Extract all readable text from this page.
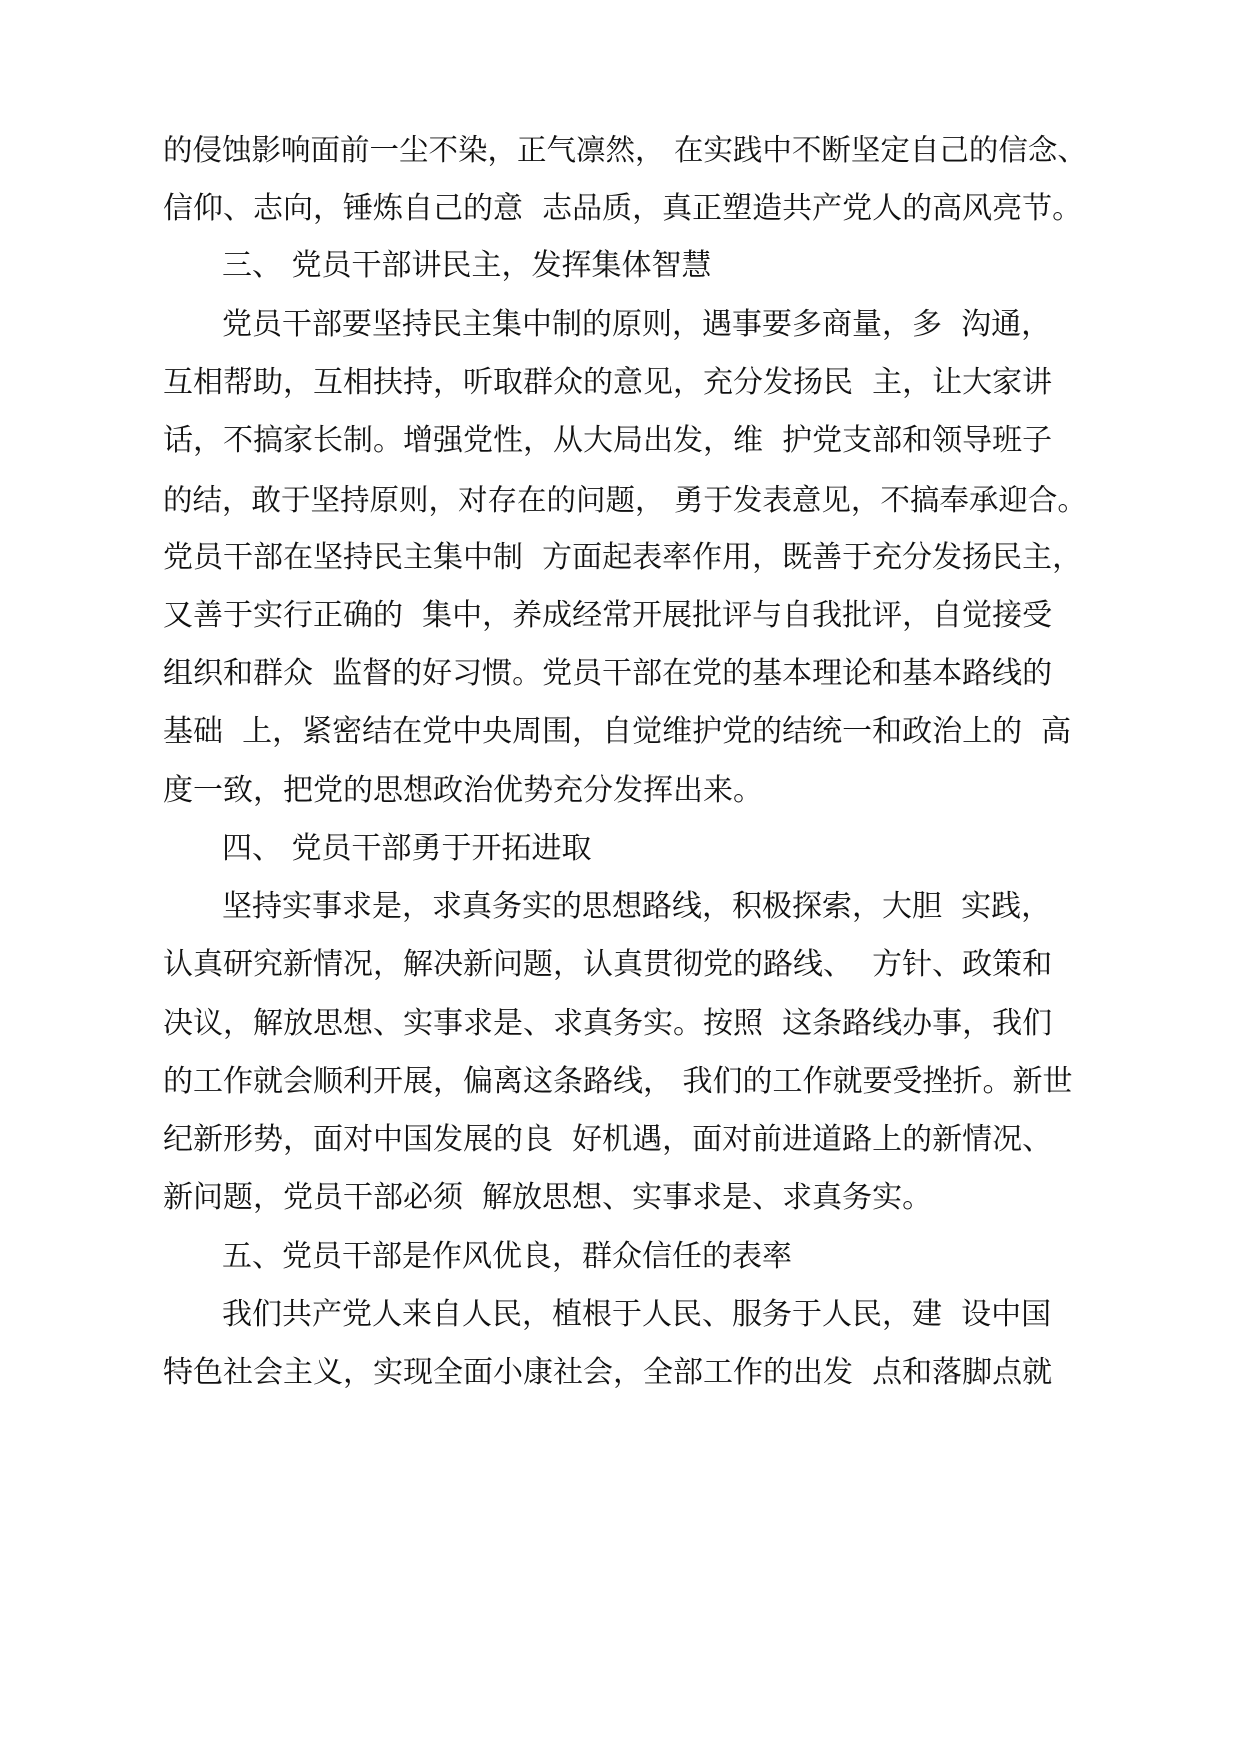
的侵蚀影响面前一尘不染，正气凛然， 在实践中不断坚定自己的信念、
信仰、志向，锤炼自己的意  志品质，真正塑造共产党人的高风亮节。
三、 党员干部讲民主，发挥集体智慧
党员干部要坚持民主集中制的原则，遇事要多商量，多  沟通，
互相帮助，互相扶持，听取群众的意见，充分发扬民  主，让大家讲
话，不搞家长制。增强党性，从大局出发，维  护党支部和领导班子
的结，敢于坚持原则，对存在的问题， 勇于发表意见，不搞奉承迎合。
党员干部在坚持民主集中制  方面起表率作用，既善于充分发扬民主，
又善于实行正确的  集中，养成经常开展批评与自我批评，自觉接受
组织和群众  监督的好习惯。党员干部在党的基本理论和基本路线的
基础  上，紧密结在党中央周围，自觉维护党的结统一和政治上的  高
度一致，把党的思想政治优势充分发挥出来。
四、 党员干部勇于开拓进取
坚持实事求是，求真务实的思想路线，积极探索，大胆  实践，
认真研究新情况，解决新问题，认真贯彻党的路线、  方针、政策和
决议，解放思想、实事求是、求真务实。按照  这条路线办事，我们
的工作就会顺利开展，偏离这条路线， 我们的工作就要受挫折。新世
纪新形势，面对中国发展的良  好机遇，面对前进道路上的新情况、
新问题，党员干部必须  解放思想、实事求是、求真务实。
五、党员干部是作风优良，群众信任的表率
我们共产党人来自人民，植根于人民、服务于人民，建  设中国
特色社会主义，实现全面小康社会，全部工作的出发  点和落脚点就
